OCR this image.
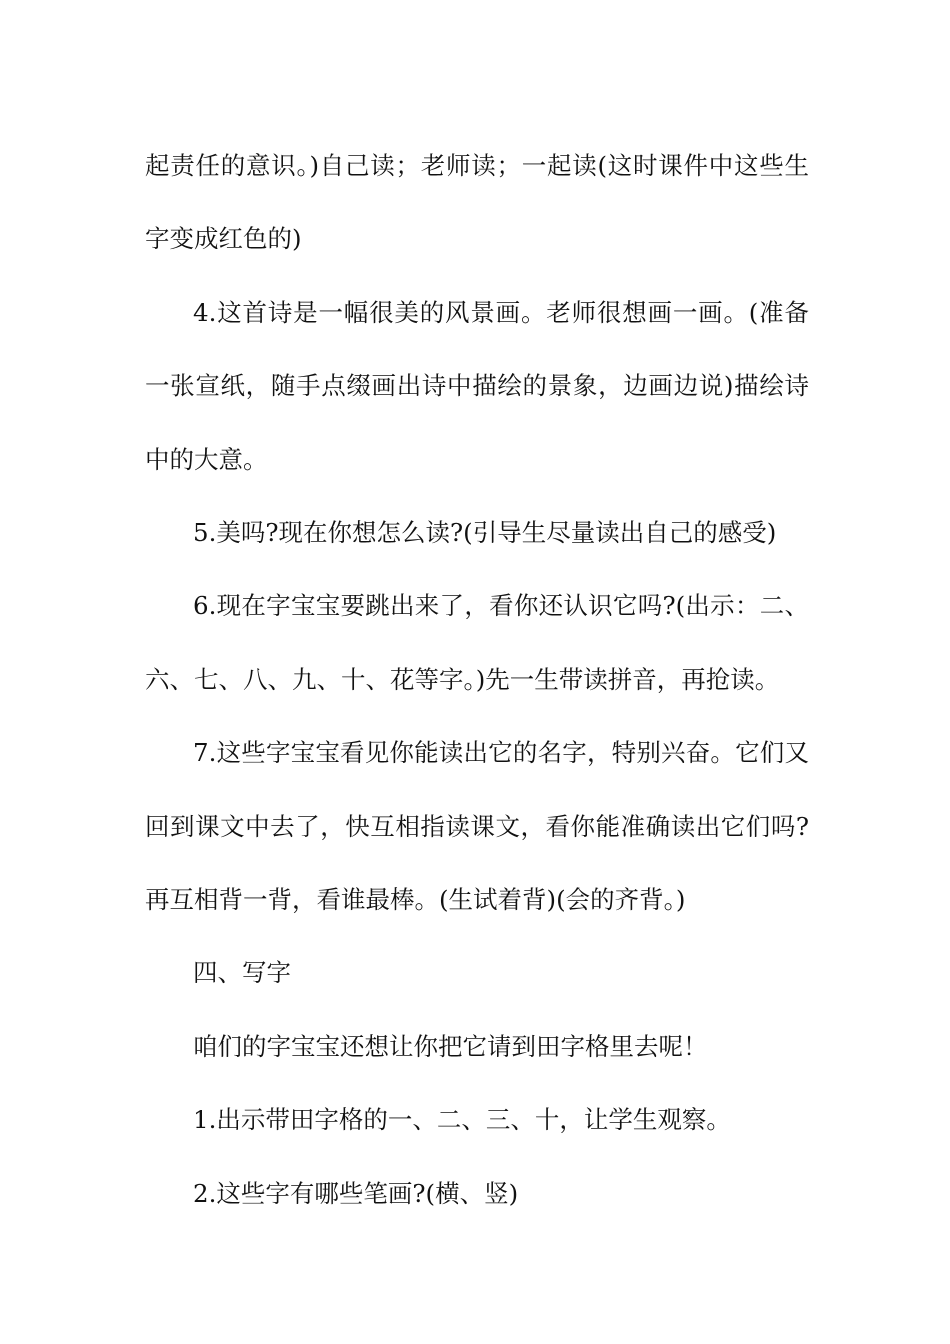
起责任的意识。)自己读；老师读；一起读(这时课件中这些生字变成红色的)

4.这首诗是一幅很美的风景画。老师很想画一画。(准备一张宣纸，随手点缀画出诗中描绘的景象，边画边说)描绘诗中的大意。

5.美吗?现在你想怎么读?(引导生尽量读出自己的感受)

6.现在字宝宝要跳出来了，看你还认识它吗?(出示：二、六、七、八、九、十、花等字。)先一生带读拼音，再抢读。

7.这些字宝宝看见你能读出它的名字，特别兴奋。它们又回到课文中去了，快互相指读课文，看你能准确读出它们吗?再互相背一背，看谁最棒。(生试着背)(会的齐背。)

四、写字

咱们的字宝宝还想让你把它请到田字格里去呢！

1.出示带田字格的一、二、三、十，让学生观察。

2.这些字有哪些笔画?(横、竖)
